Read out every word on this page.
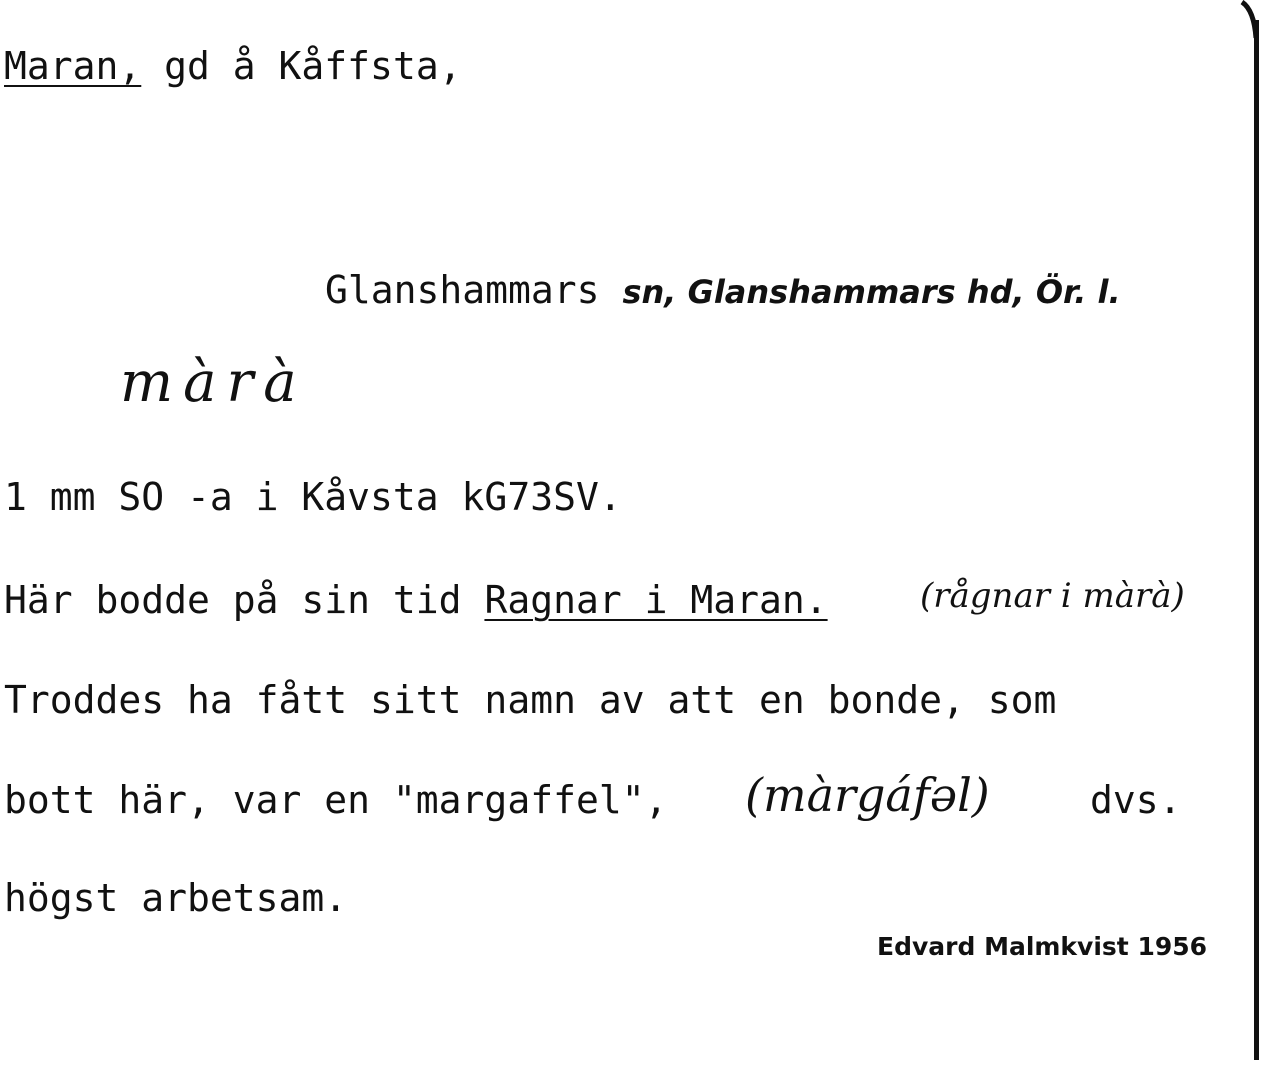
Maran, gd å Kåffsta,
Glanshammars sn, Glanshammars hd, Ör. l.
màrà
1 mm SO -a i Kåvsta kG73SV.
Här bodde på sin tid Ragnar i Maran.	(rågnar i màrà)
Troddes ha fått sitt namn av att en bonde, som
bott här, var en "margaffel", (màrgáfəl)	dvs.
högst arbetsam.
Edvard Malmkvist 1956
